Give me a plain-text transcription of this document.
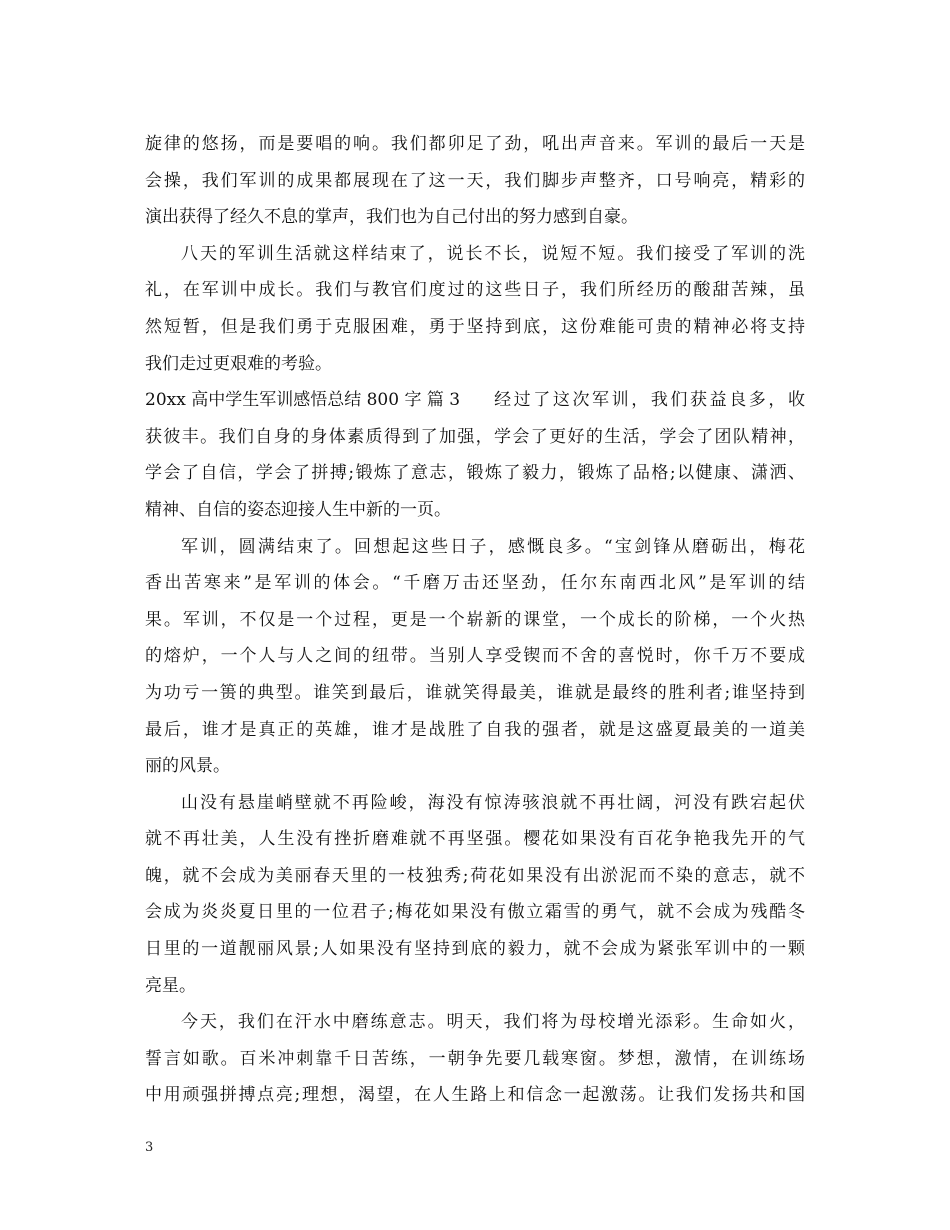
旋律的悠扬，而是要唱的响。我们都卯足了劲，吼出声音来。军训的最后一天是
会操，我们军训的成果都展现在了这一天，我们脚步声整齐，口号响亮，精彩的
演出获得了经久不息的掌声，我们也为自己付出的努力感到自豪。
八天的军训生活就这样结束了，说长不长，说短不短。我们接受了军训的洗
礼，在军训中成长。我们与教官们度过的这些日子，我们所经历的酸甜苦辣，虽
然短暂，但是我们勇于克服困难，勇于坚持到底，这份难能可贵的精神必将支持
我们走过更艰难的考验。
20xx 高中学生军训感悟总结 800 字 篇 3 经过了这次军训，我们获益良多，收
获彼丰。我们自身的身体素质得到了加强，学会了更好的生活，学会了团队精神，
学会了自信，学会了拼搏;锻炼了意志，锻炼了毅力，锻炼了品格;以健康、潇洒、
精神、自信的姿态迎接人生中新的一页。
军训，圆满结束了。回想起这些日子，感慨良多。“宝剑锋从磨砺出，梅花
香出苦寒来”是军训的体会。“千磨万击还坚劲，任尔东南西北风”是军训的结
果。军训，不仅是一个过程，更是一个崭新的课堂，一个成长的阶梯，一个火热
的熔炉，一个人与人之间的纽带。当别人享受锲而不舍的喜悦时，你千万不要成
为功亏一篑的典型。谁笑到最后，谁就笑得最美，谁就是最终的胜利者;谁坚持到
最后，谁才是真正的英雄，谁才是战胜了自我的强者，就是这盛夏最美的一道美
丽的风景。
山没有悬崖峭壁就不再险峻，海没有惊涛骇浪就不再壮阔，河没有跌宕起伏
就不再壮美，人生没有挫折磨难就不再坚强。樱花如果没有百花争艳我先开的气
魄，就不会成为美丽春天里的一枝独秀;荷花如果没有出淤泥而不染的意志，就不
会成为炎炎夏日里的一位君子;梅花如果没有傲立霜雪的勇气，就不会成为残酷冬
日里的一道靓丽风景;人如果没有坚持到底的毅力，就不会成为紧张军训中的一颗
亮星。
今天，我们在汗水中磨练意志。明天，我们将为母校增光添彩。生命如火，
誓言如歌。百米冲刺靠千日苦练，一朝争先要几载寒窗。梦想，激情，在训练场
中用顽强拼搏点亮;理想，渴望，在人生路上和信念一起激荡。让我们发扬共和国
3
